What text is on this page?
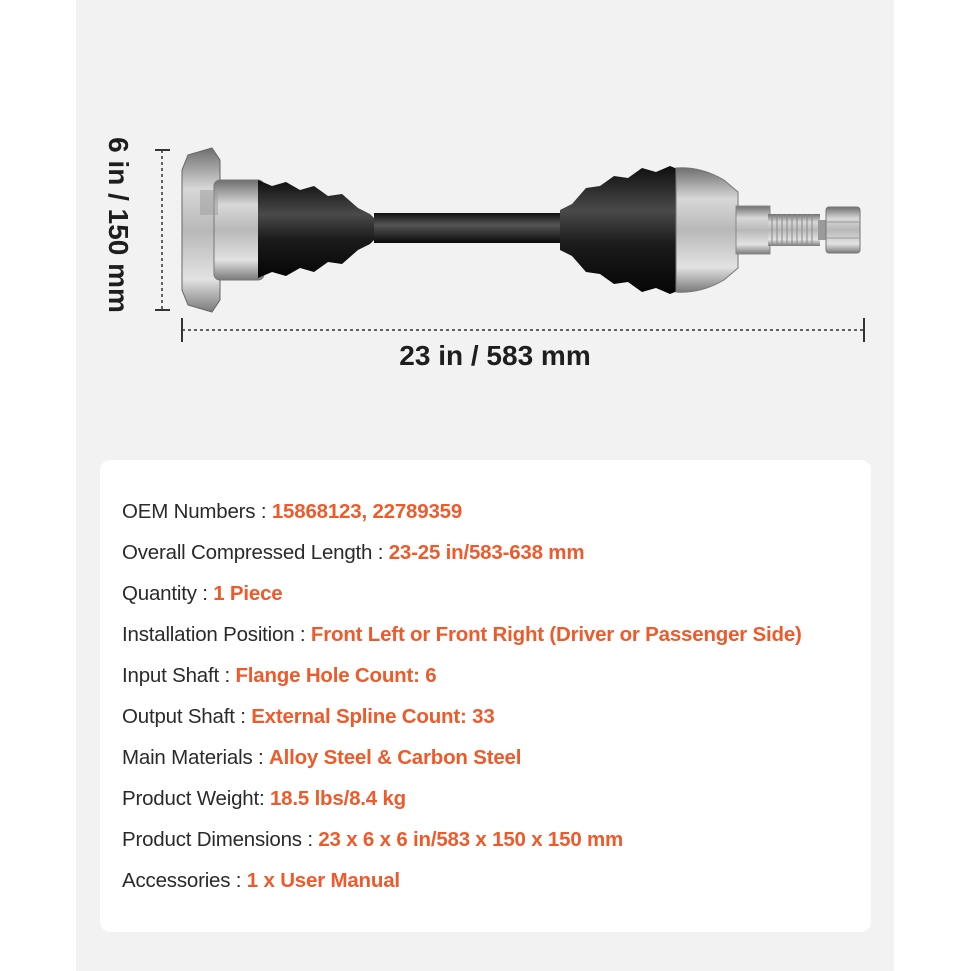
6 in / 150 mm
23 in / 583 mm
OEM Numbers : 15868123, 22789359
Overall Compressed Length : 23-25 in/583-638 mm
Quantity : 1 Piece
Installation Position : Front Left or Front Right (Driver or Passenger Side)
Input Shaft : Flange Hole Count: 6
Output Shaft : External Spline Count: 33
Main Materials : Alloy Steel & Carbon Steel
Product Weight: 18.5 lbs/8.4 kg
Product Dimensions : 23 x 6 x 6 in/583 x 150 x 150 mm
Accessories : 1 x User Manual
